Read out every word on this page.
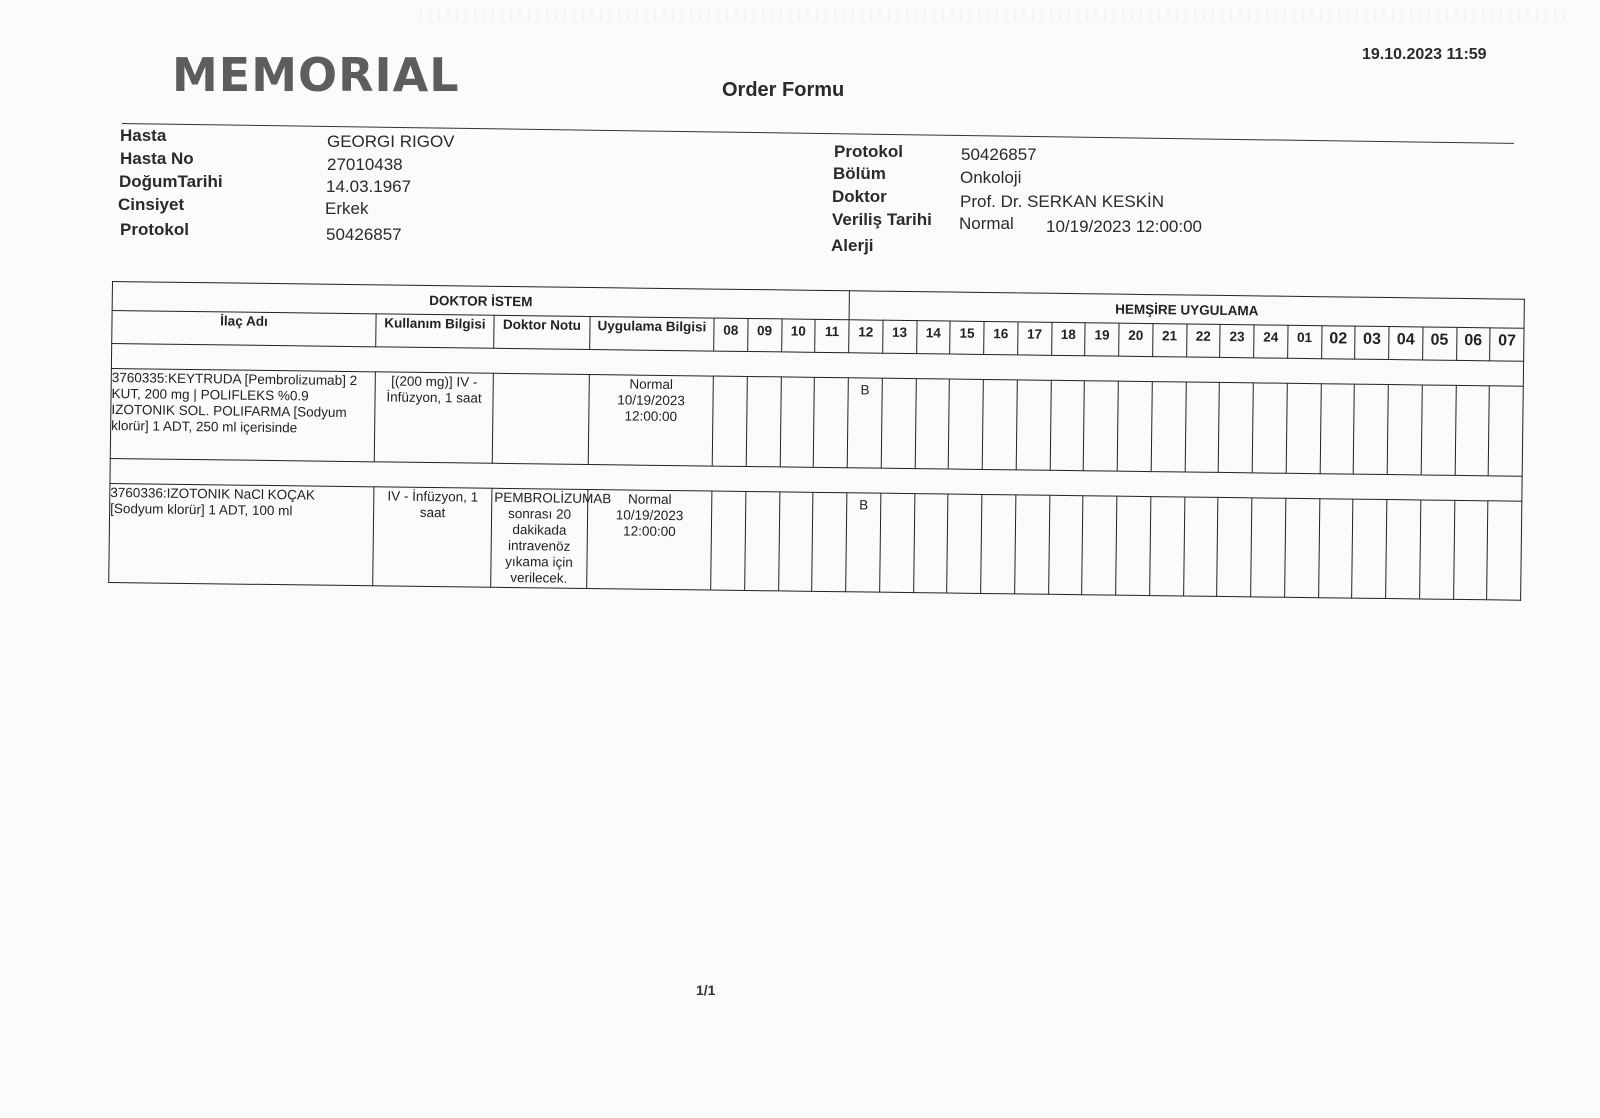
MEMORIAL	19.10.2023 11:59
Order Formu
Hasta	GEORGI RIGOV
Hasta No	27010438
DoğumTarihi	14.03.1967
Cinsiyet	Erkek
Protokol	50426857
Protokol	50426857
Bölüm	Onkoloji
Doktor	Prof. Dr. SERKAN KESKİN
Veriliş Tarihi Normal 10/19/2023 12:00:00
Alerji
DOKTOR İSTEM								HEMŞİRE UYGULAMA																			
İlaç Adı	Kullanım Bilgisi	Doktor Notu	Uygulama Bilgisi	08	09	10	11	12	13	14	15	16	17	18	19	20	21	22	23	24	01	02	03	04	05	06	07

3760335:KEYTRUDA [Pembrolizumab] 2 KUT, 200 mg | POLIFLEKS %0.9 IZOTONIK SOL. POLIFARMA [Sodyum klorür] 1 ADT, 250 ml içerisinde	[(200 mg)] IV - İnfüzyon, 1 saat		Normal
10/19/2023
12:00:00					B																			

3760336:IZOTONIK NaCl KOÇAK [Sodyum klorür] 1 ADT, 100 ml	IV - İnfüzyon, 1 saat	PEMBROLİZUMAB sonrası 20 dakikada intravenöz yıkama için verilecek.	Normal
10/19/2023
12:00:00					B																			
1/1
